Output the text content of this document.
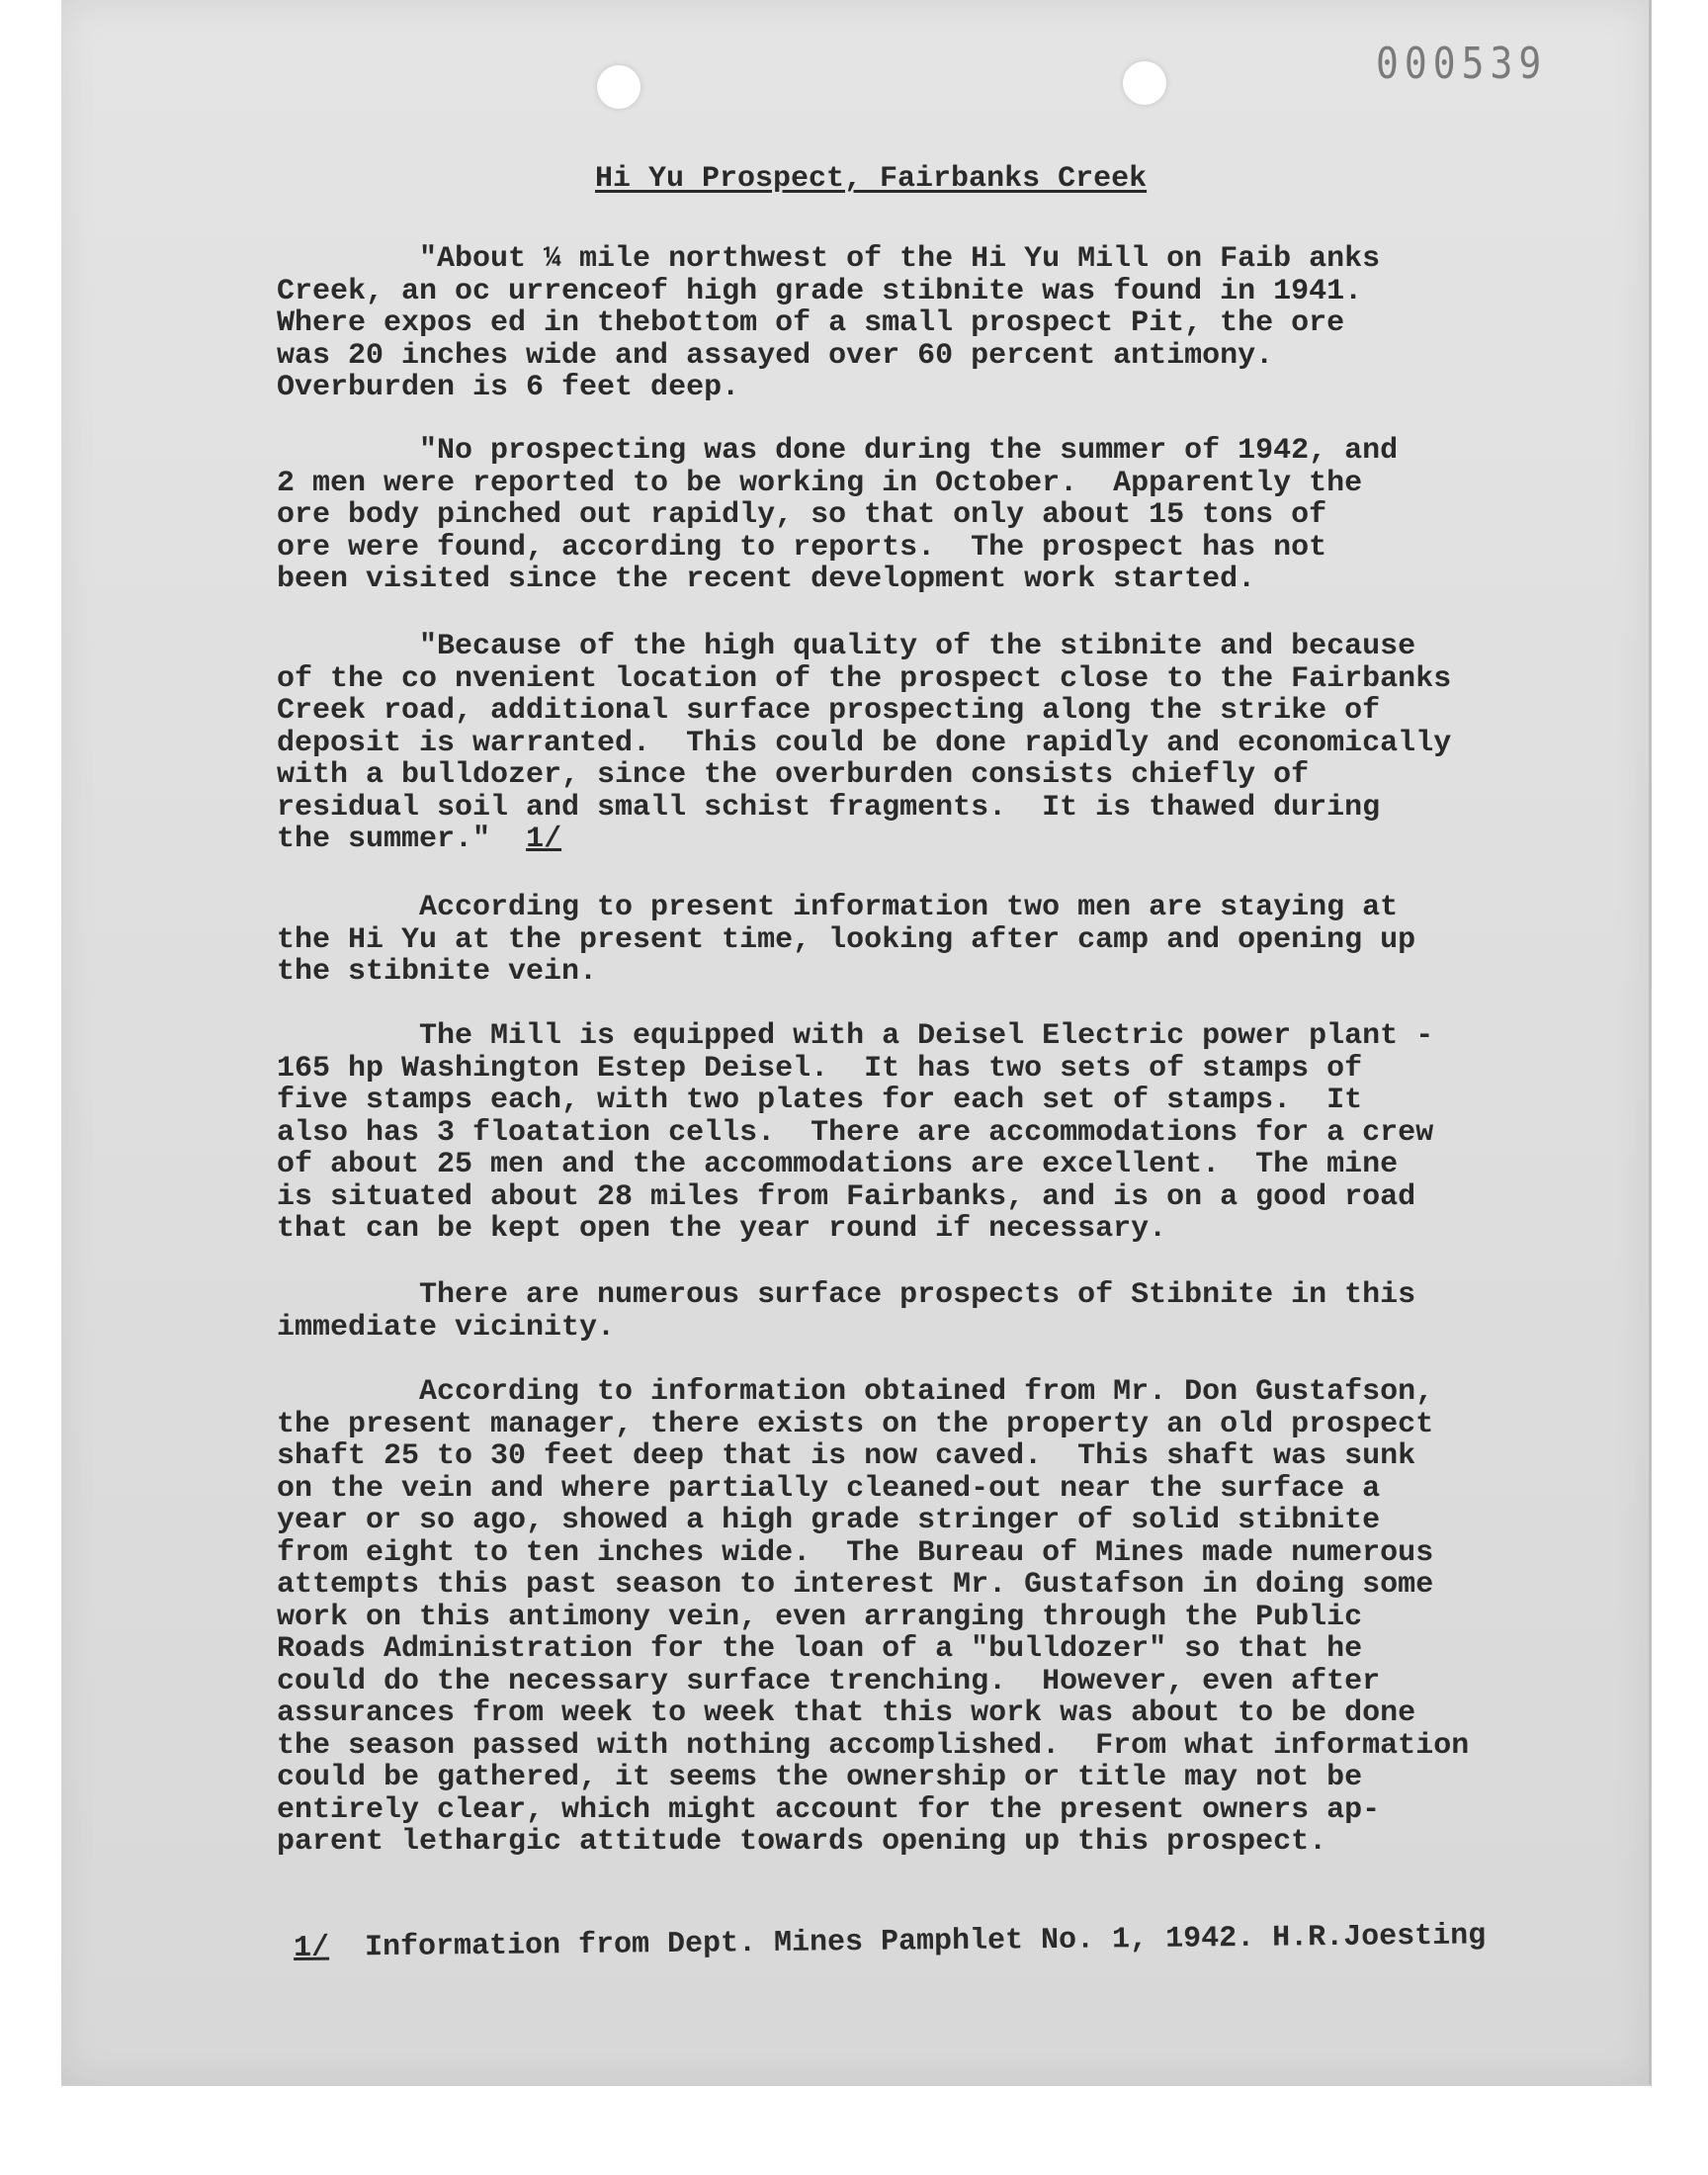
000539
Hi Yu Prospect, Fairbanks Creek

"About ¼ mile northwest of the Hi Yu Mill on Faib anks
Creek, an oc urrenceof high grade stibnite was found in 1941.
Where expos ed in thebottom of a small prospect Pit, the ore
was 20 inches wide and assayed over 60 percent antimony.
Overburden is 6 feet deep.

"No prospecting was done during the summer of 1942, and
2 men were reported to be working in October.  Apparently the
ore body pinched out rapidly, so that only about 15 tons of
ore were found, according to reports.  The prospect has not
been visited since the recent development work started.

"Because of the high quality of the stibnite and because
of the co nvenient location of the prospect close to the Fairbanks
Creek road, additional surface prospecting along the strike of
deposit is warranted.  This could be done rapidly and economically
with a bulldozer, since the overburden consists chiefly of
residual soil and small schist fragments.  It is thawed during
the summer." 1/

According to present information two men are staying at
the Hi Yu at the present time, looking after camp and opening up
the stibnite vein.

The Mill is equipped with a Deisel Electric power plant -
165 hp Washington Estep Deisel.  It has two sets of stamps of
five stamps each, with two plates for each set of stamps.  It
also has 3 floatation cells.  There are accommodations for a crew
of about 25 men and the accommodations are excellent.  The mine
is situated about 28 miles from Fairbanks, and is on a good road
that can be kept open the year round if necessary.

There are numerous surface prospects of Stibnite in this
immediate vicinity.

According to information obtained from Mr. Don Gustafson,
the present manager, there exists on the property an old prospect
shaft 25 to 30 feet deep that is now caved.  This shaft was sunk
on the vein and where partially cleaned-out near the surface a
year or so ago, showed a high grade stringer of solid stibnite
from eight to ten inches wide.  The Bureau of Mines made numerous
attempts this past season to interest Mr. Gustafson in doing some
work on this antimony vein, even arranging through the Public
Roads Administration for the loan of a "bulldozer" so that he
could do the necessary surface trenching.  However, even after
assurances from week to week that this work was about to be done
the season passed with nothing accomplished.  From what information
could be gathered, it seems the ownership or title may not be
entirely clear, which might account for the present owners ap-
parent lethargic attitude towards opening up this prospect.

1/ Information from Dept. Mines Pamphlet No. 1, 1942. H.R.Joesting
